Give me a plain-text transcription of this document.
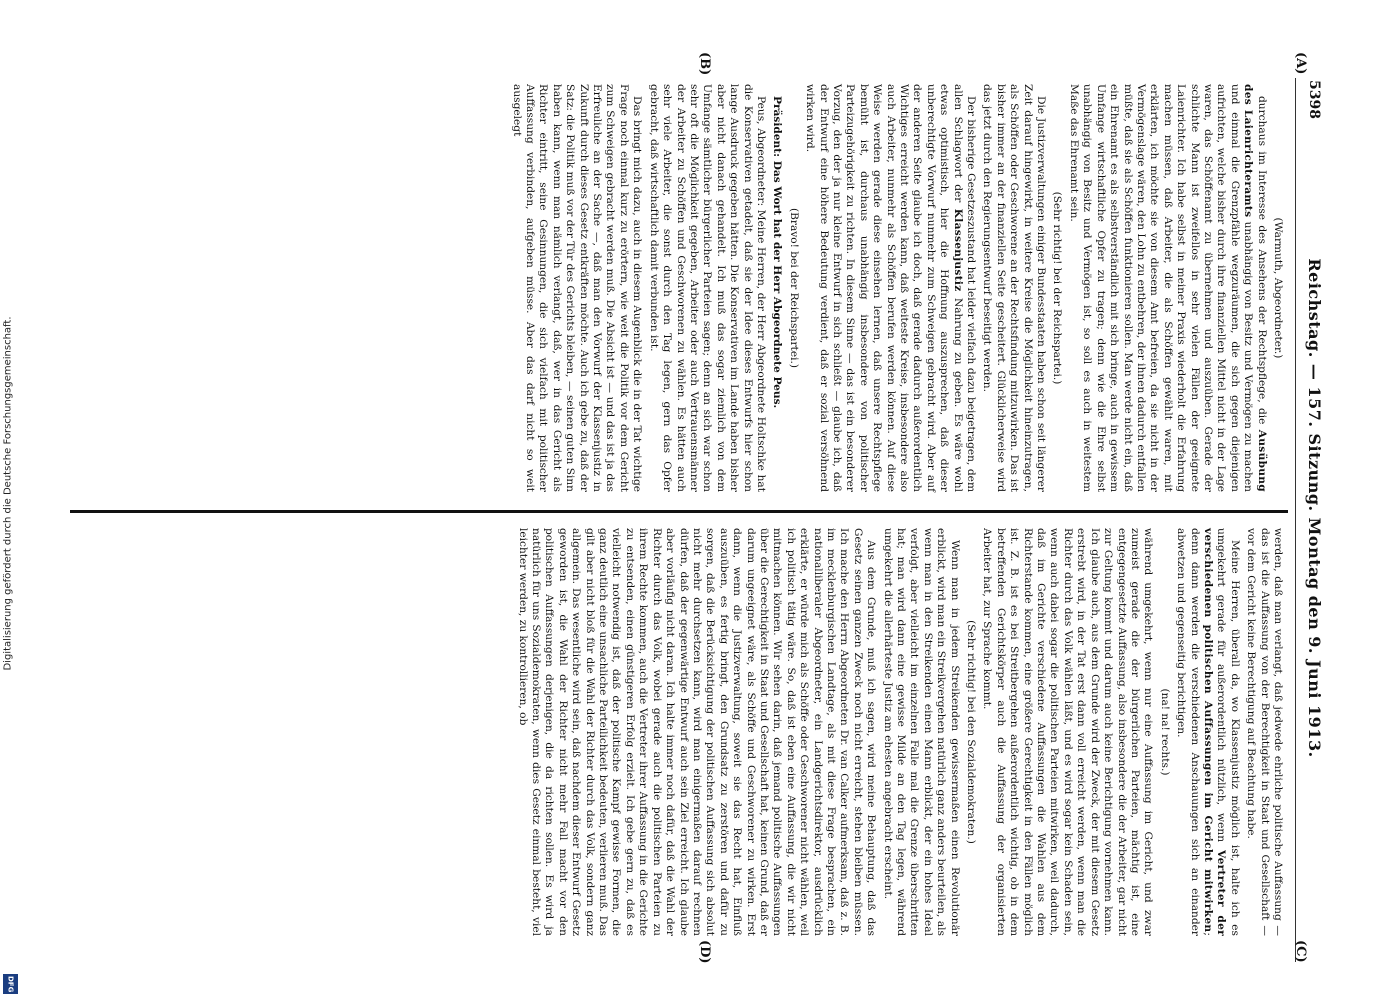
Digitalisierung gefördert durch die Deutsche Forschungsgemeinschaft.
DFG
5398
Reichstag. — 157. Sitzung. Montag den 9. Juni 1913.
(A)
(B)
(C)
(D)

(Warmuth, Abgeordneter.)

durchaus im Interesse des Ansehens der Rechtspflege, die Ausübung des Laienrichteramts unabhängig von Besitz und Vermögen zu machen und einmal die Grenzpfähle wegzuräumen, die sich gegen diejenigen aufrichten, welche bisher durch ihre finanziellen Mittel nicht in der Lage waren, das Schöffenamt zu übernehmen und auszuüben. Gerade der schlichte Mann ist zweifellos in sehr vielen Fällen der geeignete Laienrichter. Ich habe selbst in meiner Praxis wiederholt die Erfahrung machen müssen, daß Arbeiter, die als Schöffen gewählt waren, mit erklärten, ich möchte sie von diesem Amt befreien, da sie nicht in der Vermögenslage wären, den Lohn zu entbehren, der ihnen dadurch entfallen müßte, daß sie als Schöffen funktionieren sollen. Man werde nicht ein, daß ein Ehrenamt es als selbstverständlich mit sich bringe, auch in gewissem Umfange wirtschaftliche Opfer zu tragen; denn wie die Ehre selbst unabhängig von Besitz und Vermögen ist, so soll es auch in weitestem Maße das Ehrenamt sein.

(Sehr richtig! bei der Reichspartei.)

Die Justizverwaltungen einiger Bundesstaaten haben schon seit längerer Zeit darauf hingewirkt, in weitere Kreise die Möglichkeit hineinzutragen, als Schöffen oder Geschworene an der Rechtsfindung mitzuwirken. Das ist bisher immer an der finanziellen Seite gescheitert. Glücklicherweise wird das jetzt durch den Regierungsentwurf beseitigt werden.

Der bisherige Gesetzeszustand hat leider vielfach dazu beigetragen, dem allen Schlagwort der Klassenjustiz Nahrung zu geben. Es wäre wohl etwas optimistisch, hier die Hoffnung auszusprechen, daß dieser unberechtigte Vorwurf nunmehr zum Schweigen gebracht wird. Aber auf der anderen Seite glaube ich doch, daß gerade dadurch außerordentlich Wichtiges erreicht werden kann, daß weiteste Kreise, insbesondere also auch Arbeiter, nunmehr als Schöffen berufen werden können. Auf diese Weise werden gerade diese einsehen lernen, daß unsere Rechtspflege bemüht ist, durchaus unabhängig insbesondere von politischer Parteizugehörigkeit zu richten. In diesem Sinne — das ist ein besonderer Vorzug, den der ja nur kleine Entwurf in sich schließt — glaube ich, daß der Entwurf eine höhere Bedeutung verdient, daß er sozial versöhnend wirken wird.

(Bravo! bei der Reichspartei.)

Präsident: Das Wort hat der Herr Abgeordnete Peus.

Peus, Abgeordneter: Meine Herren, der Herr Abgeordnete Holtschke hat die Konservativen getadelt, daß sie der Idee dieses Entwurfs hier schon lange Ausdruck gegeben hätten. Die Konservativen im Lande haben bisher aber nicht danach gehandelt. Ich muß das sogar ziemlich von dem Umfange sämtlicher bürgerlicher Parteien sagen; denn an sich war schon sehr oft die Möglichkeit gegeben, Arbeiter oder auch Vertrauensmänner der Arbeiter zu Schöffen und Geschworenen zu wählen. Es hätten auch sehr viele Arbeiter, die sonst durch den Tag legen, gern das Opfer gebracht, daß wirtschaftlich damit verbunden ist.

Das bringt mich dazu, auch in diesem Augenblick die in der Tat wichtige Frage noch einmal kurz zu erörtern, wie weit die Politik vor dem Gericht zum Schweigen gebracht werden muß. Die Absicht ist — und das ist ja das Erfreuliche an der Sache —, daß man den Vorwurf der Klassenjustiz in Zukunft durch dieses Gesetz entkräften möchte. Auch ich gebe zu, daß der Satz: die Politik muß vor der Tür des Gerichts bleiben, — seinen guten Sinn haben kann, wenn man nämlich verlangt, daß, wer in das Gericht als Richter eintritt, seine Gesinnungen, die sich vielfach mit politischer Auffassung verbinden, aufgeben müsse. Aber das darf nicht so weit ausgelegt

werden, daß man verlangt, daß jedwede ehrliche politische Auffassung — das ist die Auffassung von der Berechtigkeit in Staat und Gesellschaft — vor dem Gericht keine Berechtigung auf Beachtung habe.

Meine Herren, überall da, wo Klassenjustiz möglich ist, halte ich es umgekehrt gerade für außerordentlich nützlich, wenn Vertreter der verschiedenen politischen Auffassungen im Gericht mitwirken; denn dann werden die verschiedenen Anschauungen sich an einander abwetzen und gegenseitig berichtigen.

(na! na! rechts.)

während umgekehrt, wenn nur eine Auffassung im Gericht, und zwar zumeist gerade die der bürgerlichen Parteien, mächtig ist, eine entgegengesetzte Auffassung, also insbesondere die der Arbeiter, gar nicht zur Geltung kommt und darum auch keine Berichtigung vornehmen kann. Ich glaube auch, aus dem Grunde wird der Zweck, der mit diesem Gesetz erstrebt wird, in der Tat erst dann voll erreicht werden, wenn man die Richter durch das Volk wählen läßt, und es wird sogar kein Schaden sein, wenn auch dabei sogar die politischen Parteien mitwirken, weil dadurch, daß im Gerichte verschiedene Auffassungen die Wahlen aus dem Richterstande kommen, eine größere Gerechtigkeit in den Fällen möglich ist. Z. B. ist es bei Streitbergehen außerordentlich wichtig, ob in dem betreffenden Gerichtskörper auch die Auffassung der organisierten Arbeiter hat, zur Sprache kommt.

(Sehr richtig! bei den Sozialdemokraten.)

Wenn man in jedem Streikenden gewissermaßen einen Revolutionär erblickt, wird man ein Streikvergehen natürlich ganz anders beurteilen, als wenn man in den Streikenden einen Mann erblickt, der ein hohes Ideal verfolgt, aber vielleicht im einzelnen Falle mal die Grenze überschritten hat; man wird dann eine gewisse Milde an den Tag legen, während umgekehrt die allerhärteste Justiz am ehesten angebracht erscheint.

Aus dem Grunde, muß ich sagen, wird meine Behauptung, daß das Gesetz seinen ganzen Zweck noch nicht erreicht, stehen bleiben müssen. Ich mache den Herrn Abgeordneten Dr. van Calker aufmerksam, daß z. B. im mecklenburgischen Landtage, als mit diese Frage besprachen, ein nationalliberaler Abgeordneter, ein Landgerichtsdirektor, ausdrücklich erklärte, er würde mich als Schöffe oder Geschworener nicht wählen, weil ich politisch tätig wäre. So, daß ist eben eine Auffassung, die wir nicht mitmachen können. Wir sehen darin, daß jemand politische Auffassungen über die Gerechtigkeit in Staat und Gesellschaft hat, keinen Grund, daß er darum ungeeignet wäre, als Schöffe und Geschworener zu wirken. Erst dann, wenn die Justizverwaltung, soweit sie das Recht hat, Einfluß auszuüben, es fertig bringt, den Grundsatz zu zerstören und dafür zu sorgen, daß die Berücksichtigung der politischen Auffassung sich absolut nicht mehr durchsetzen kann, wird man einigermaßen darauf rechnen dürfen, daß der gegenwärtige Entwurf auch sein Ziel erreicht. Ich glaube aber vorläufig nicht daran. Ich halte immer noch dafür, daß die Wahl der Richter durch das Volk, wobei gerade auch die politischen Parteien zu ihrem Rechte kommen, auch die Vertreter ihrer Auffassung in die Gerichte zu entsenden, einen günstigeren Erfolg erzielt. Ich gebe gern zu, daß es vielleicht notwendig ist, daß der politische Kampf gewisse Formen, die ganz deutlich eine unsachliche Parteilichkeit bedeuten, verlieren muß. Das gilt aber nicht bloß für die Wahl der Richter durch das Volk, sondern ganz allgemein. Das wesentliche wird sein, daß nachdem dieser Entwurf Gesetz geworden ist, die Wahl der Richter nicht mehr Fall macht vor den politischen Auffassungen derjenigen, die da richten sollen. Es wird ja natürlich für uns Sozialdemokraten, wenn dies Gesetz einmal besteht, viel leichter werden, zu kontrollieren, ob
